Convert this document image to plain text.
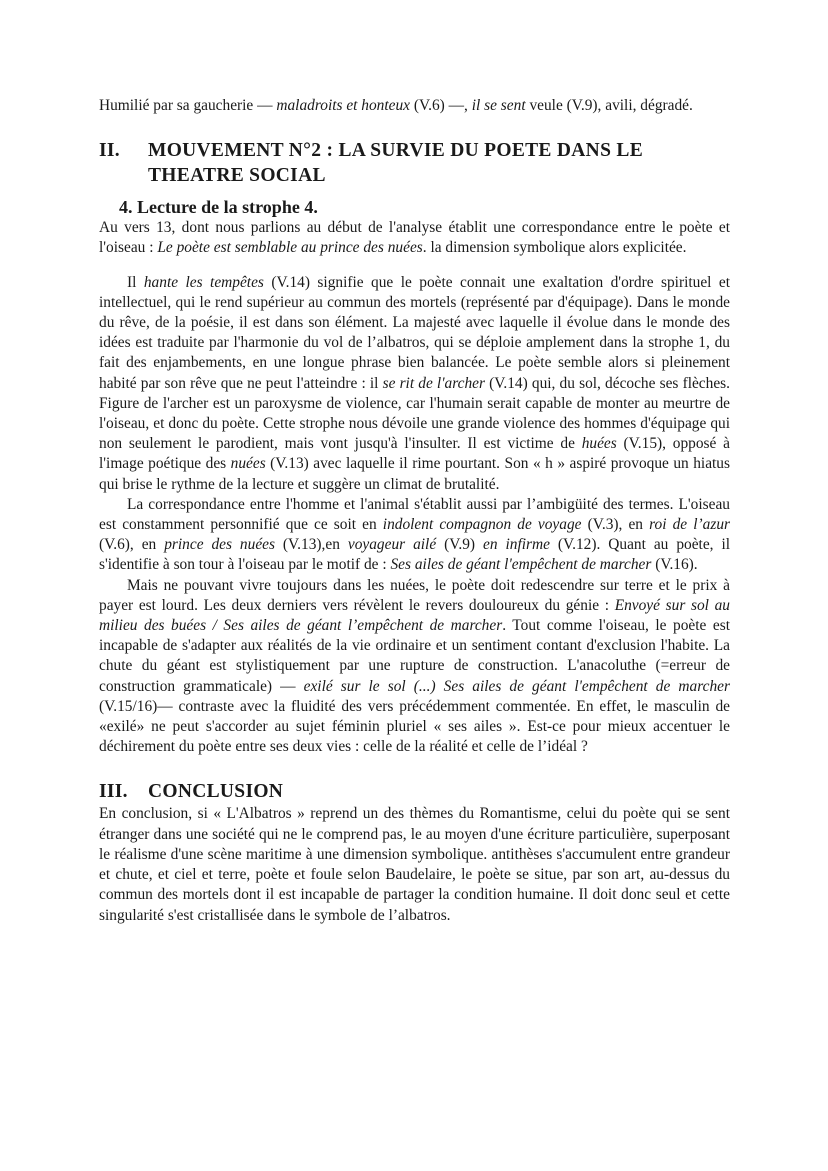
Humilié par sa gaucherie — maladroits et honteux (V.6) —, il se sent veule (V.9), avili, dégradé.

II.	MOUVEMENT N°2 : LA SURVIE DU POETE DANS LE THEATRE SOCIAL
4. Lecture de la strophe 4.

Au vers 13, dont nous parlions au début de l'analyse établit une correspondance entre le poète et l'oiseau : Le poète est semblable au prince des nuées. la dimension symbolique alors explicitée.

Il hante les tempêtes (V.14) signifie que le poète connait une exaltation d'ordre spirituel et intellectuel, qui le rend supérieur au commun des mortels (représenté par d'équipage). Dans le monde du rêve, de la poésie, il est dans son élément. La majesté avec laquelle il évolue dans le monde des idées est traduite par l'harmonie du vol de l’albatros, qui se déploie amplement dans la strophe 1, du fait des enjambements, en une longue phrase bien balancée. Le poète semble alors si pleinement habité par son rêve que ne peut l'atteindre : il se rit de l'archer (V.14) qui, du sol, décoche ses flèches. Figure de l'archer est un paroxysme de violence, car l'humain serait capable de monter au meurtre de l'oiseau, et donc du poète. Cette strophe nous dévoile une grande violence des hommes d'équipage qui non seulement le parodient, mais vont jusqu'à l'insulter. Il est victime de huées (V.15), opposé à l'image poétique des nuées (V.13) avec laquelle il rime pourtant. Son « h » aspiré provoque un hiatus qui brise le rythme de la lecture et suggère un climat de brutalité.

La correspondance entre l'homme et l'animal s'établit aussi par l’ambigüité des termes. L'oiseau est constamment personnifié que ce soit en indolent compagnon de voyage (V.3), en roi de l’azur (V.6), en prince des nuées (V.13),en voyageur ailé (V.9) en infirme (V.12). Quant au poète, il s'identifie à son tour à l'oiseau par le motif de : Ses ailes de géant l'empêchent de marcher (V.16).

Mais ne pouvant vivre toujours dans les nuées, le poète doit redescendre sur terre et le prix à payer est lourd. Les deux derniers vers révèlent le revers douloureux du génie : Envoyé sur sol au milieu des buées / Ses ailes de géant l’empêchent de marcher. Tout comme l'oiseau, le poète est incapable de s'adapter aux réalités de la vie ordinaire et un sentiment contant d'exclusion l'habite. La chute du géant est stylistiquement par une rupture de construction. L'anacoluthe (=erreur de construction grammaticale) — exilé sur le sol (...) Ses ailes de géant l'empêchent de marcher (V.15/16)— contraste avec la fluidité des vers précédemment commentée. En effet, le masculin de «exilé» ne peut s'accorder au sujet féminin pluriel « ses ailes ». Est-ce pour mieux accentuer le déchirement du poète entre ses deux vies : celle de la réalité et celle de l’idéal ?

III.	CONCLUSION

En conclusion, si « L'Albatros » reprend un des thèmes du Romantisme, celui du poète qui se sent étranger dans une société qui ne le comprend pas, le au moyen d'une écriture particulière, superposant le réalisme d'une scène maritime à une dimension symbolique. antithèses s'accumulent entre grandeur et chute, et ciel et terre, poète et foule selon Baudelaire, le poète se situe, par son art, au-dessus du commun des mortels dont il est incapable de partager la condition humaine. Il doit donc seul et cette singularité s'est cristallisée dans le symbole de l’albatros.
